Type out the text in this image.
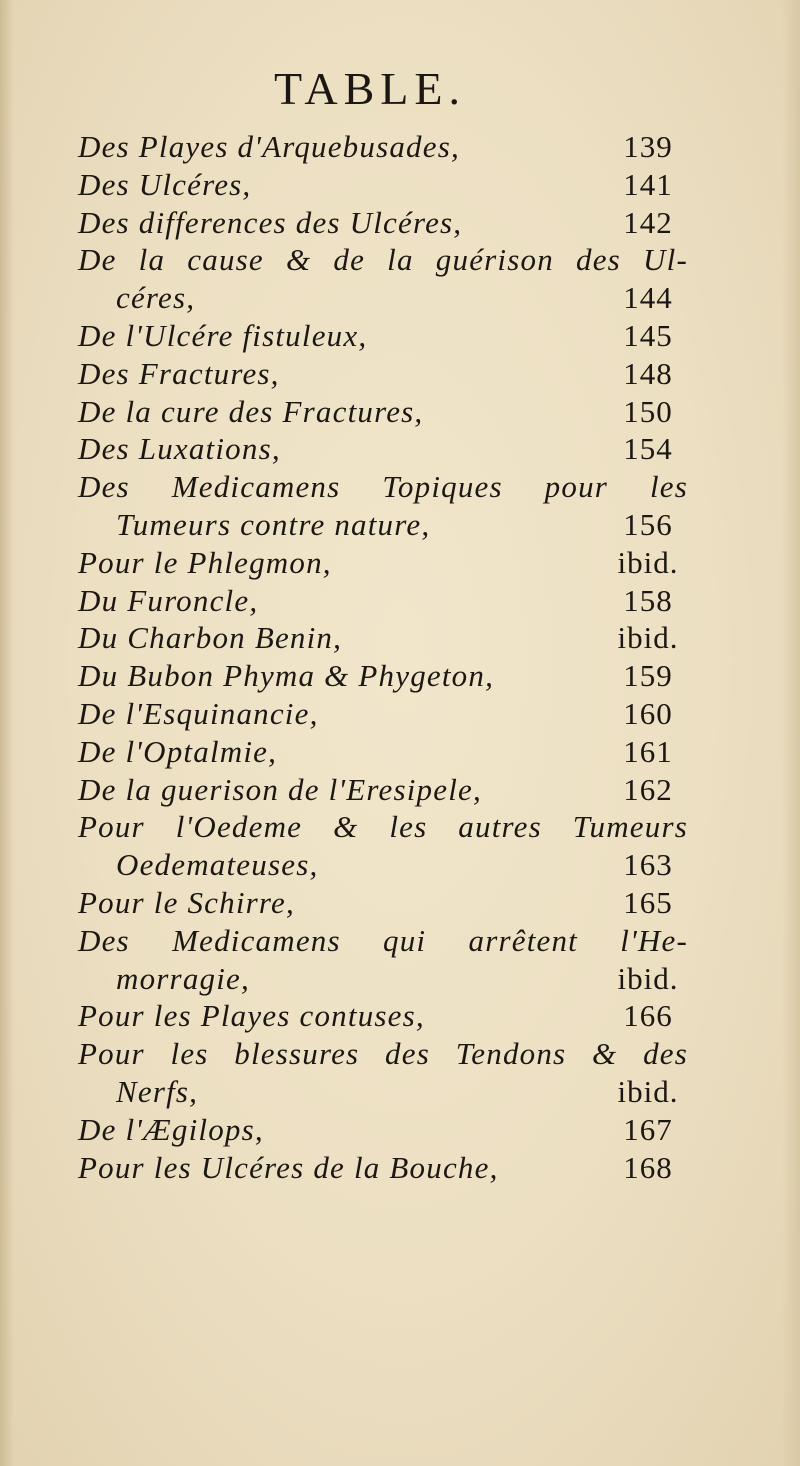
TABLE.
Des Playes d'Arquebusades,	139
Des Ulcéres,	141
Des differences des Ulcéres,	142
De la cause & de la guérison des Ul-
céres,	144
De l'Ulcére fistuleux,	145
Des Fractures,	148
De la cure des Fractures,	150
Des Luxations,	154
Des Medicamens Topiques pour les
Tumeurs contre nature,	156
Pour le Phlegmon,	ibid.
Du Furoncle,	158
Du Charbon Benin,	ibid.
Du Bubon Phyma & Phygeton,	159
De l'Esquinancie,	160
De l'Optalmie,	161
De la guerison de l'Eresipele,	162
Pour l'Oedeme & les autres Tumeurs
Oedemateuses,	163
Pour le Schirre,	165
Des Medicamens qui arrêtent l'He-
morragie,	ibid.
Pour les Playes contuses,	166
Pour les blessures des Tendons & des
Nerfs,	ibid.
De l'Ægilops,	167
Pour les Ulcéres de la Bouche,	168
